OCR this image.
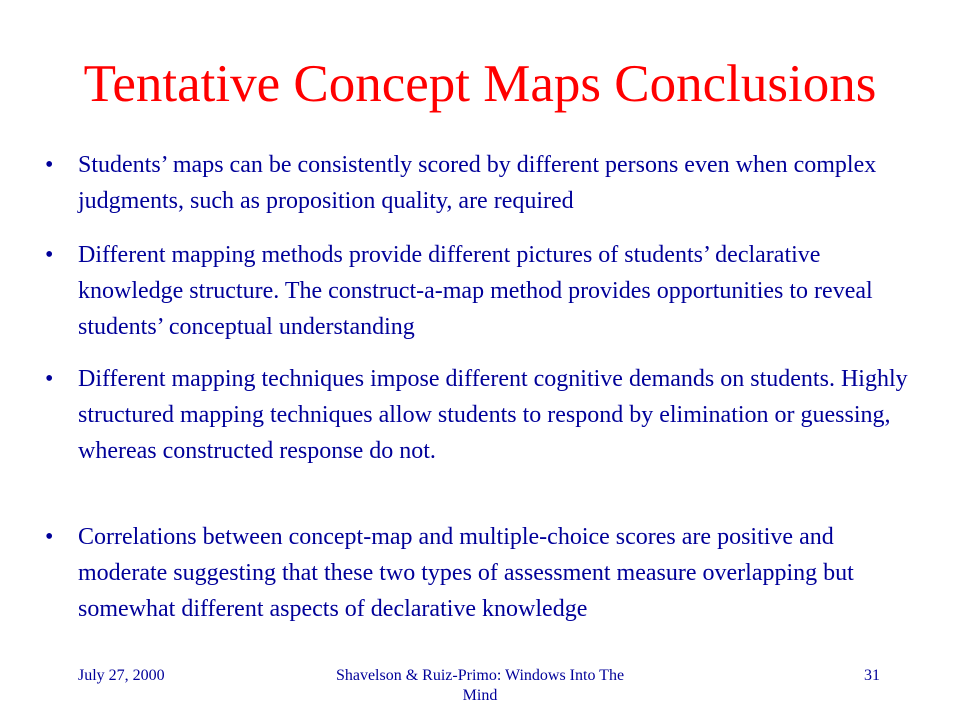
Tentative Concept Maps Conclusions
• Students’ maps can be consistently scored by different persons even when complex judgments, such as proposition quality, are required
• Different mapping methods provide different pictures of students’ declarative knowledge structure. The construct-a-map method provides opportunities to reveal students’ conceptual understanding
• Different mapping techniques impose different cognitive demands on students. Highly structured mapping techniques allow students to respond by elimination or guessing, whereas constructed response do not.
• Correlations between concept-map and multiple-choice scores are positive and moderate suggesting that these two types of assessment measure overlapping but somewhat different aspects of declarative knowledge
July 27, 2000	Shavelson & Ruiz-Primo: Windows Into The Mind
31
